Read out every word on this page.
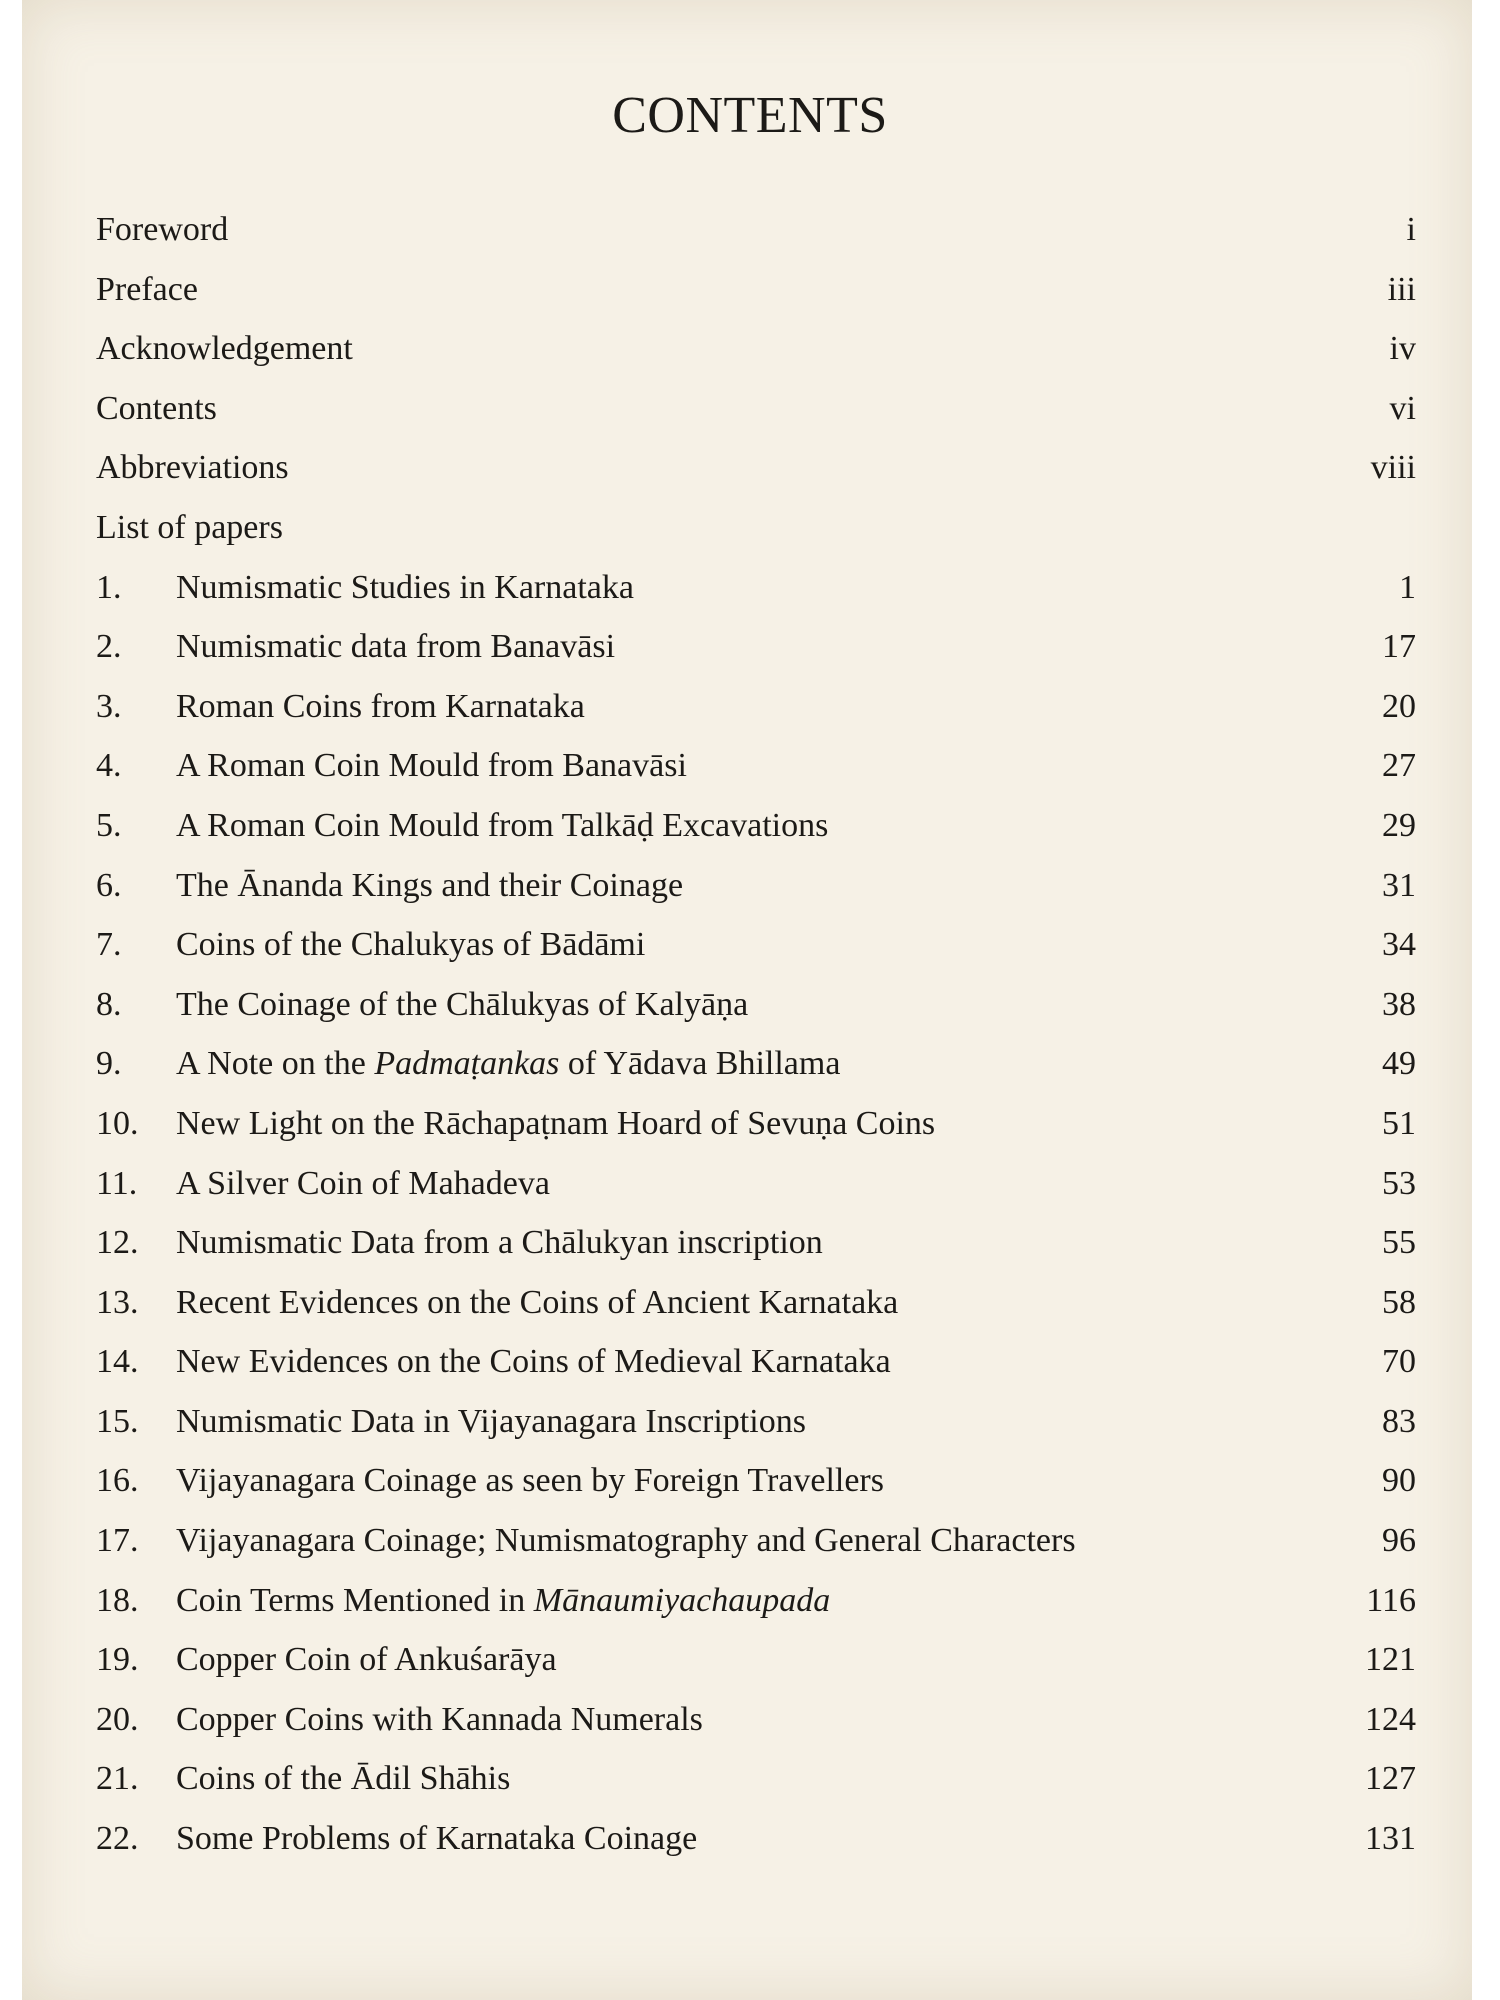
CONTENTS
Foreword	i
Preface	iii
Acknowledgement	iv
Contents	vi
Abbreviations	viii
List of papers
1. Numismatic Studies in Karnataka	1
2. Numismatic data from Banavāsi	17
3. Roman Coins from Karnataka	20
4. A Roman Coin Mould from Banavāsi	27
5. A Roman Coin Mould from Talkāḍ Excavations	29
6. The Ānanda Kings and their Coinage	31
7. Coins of the Chalukyas of Bādāmi	34
8. The Coinage of the Chālukyas of Kalyāṇa	38
9. A Note on the Padmaṭankas of Yādava Bhillama	49
10. New Light on the Rāchapaṭnam Hoard of Sevuṇa Coins	51
11. A Silver Coin of Mahadeva	53
12. Numismatic Data from a Chālukyan inscription	55
13. Recent Evidences on the Coins of Ancient Karnataka	58
14. New Evidences on the Coins of Medieval Karnataka	70
15. Numismatic Data in Vijayanagara Inscriptions	83
16. Vijayanagara Coinage as seen by Foreign Travellers	90
17. Vijayanagara Coinage; Numismatography and General Characters	96
18. Coin Terms Mentioned in Mānaumiyachaupada	116
19. Copper Coin of Ankuśarāya	121
20. Copper Coins with Kannada Numerals	124
21. Coins of the Ādil Shāhis	127
22. Some Problems of Karnataka Coinage	131
